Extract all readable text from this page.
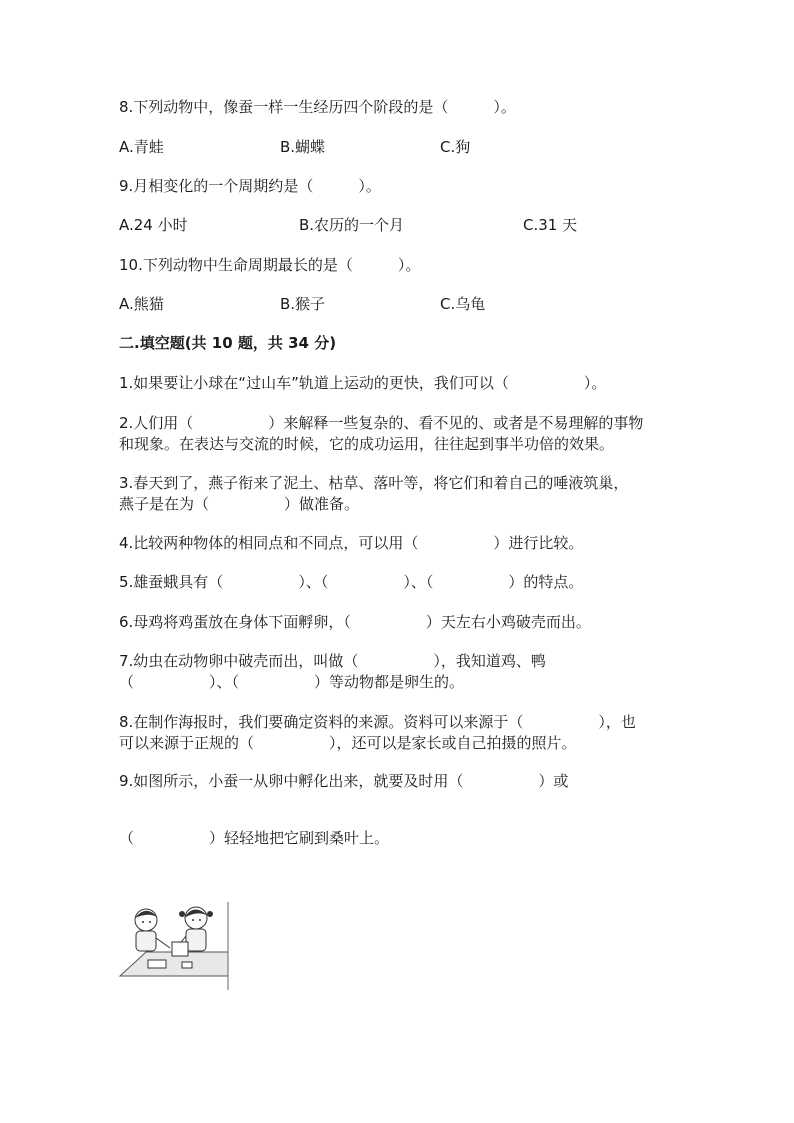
8.下列动物中，像蚕一样一生经历四个阶段的是（　　　）。
A.青蛙	B.蝴蝶	C.狗
9.月相变化的一个周期约是（　　　）。
A.24 小时	B.农历的一个月	C.31 天
10.下列动物中生命周期最长的是（　　　）。
A.熊猫	B.猴子	C.乌龟
二.填空题(共 10 题，共 34 分)
1.如果要让小球在“过山车”轨道上运动的更快，我们可以（　　　　　）。
2.人们用（　　　　　）来解释一些复杂的、看不见的、或者是不易理解的事物
和现象。在表达与交流的时候，它的成功运用，往往起到事半功倍的效果。
3.春天到了，燕子衔来了泥土、枯草、落叶等，将它们和着自己的唾液筑巢，
燕子是在为（　　　　　）做准备。
4.比较两种物体的相同点和不同点，可以用（　　　　　）进行比较。
5.雄蚕蛾具有（　　　　　）、（　　　　　）、（　　　　　）的特点。
6.母鸡将鸡蛋放在身体下面孵卵，（　　　　　）天左右小鸡破壳而出。
7.幼虫在动物卵中破壳而出，叫做（　　　　　），我知道鸡、鸭
（　　　　　）、（　　　　　）等动物都是卵生的。
8.在制作海报时，我们要确定资料的来源。资料可以来源于（　　　　　），也
可以来源于正规的（　　　　　），还可以是家长或自己拍摄的照片。
9.如图所示，小蚕一从卵中孵化出来，就要及时用（　　　　　）或
（　　　　　）轻轻地把它刷到桑叶上。
